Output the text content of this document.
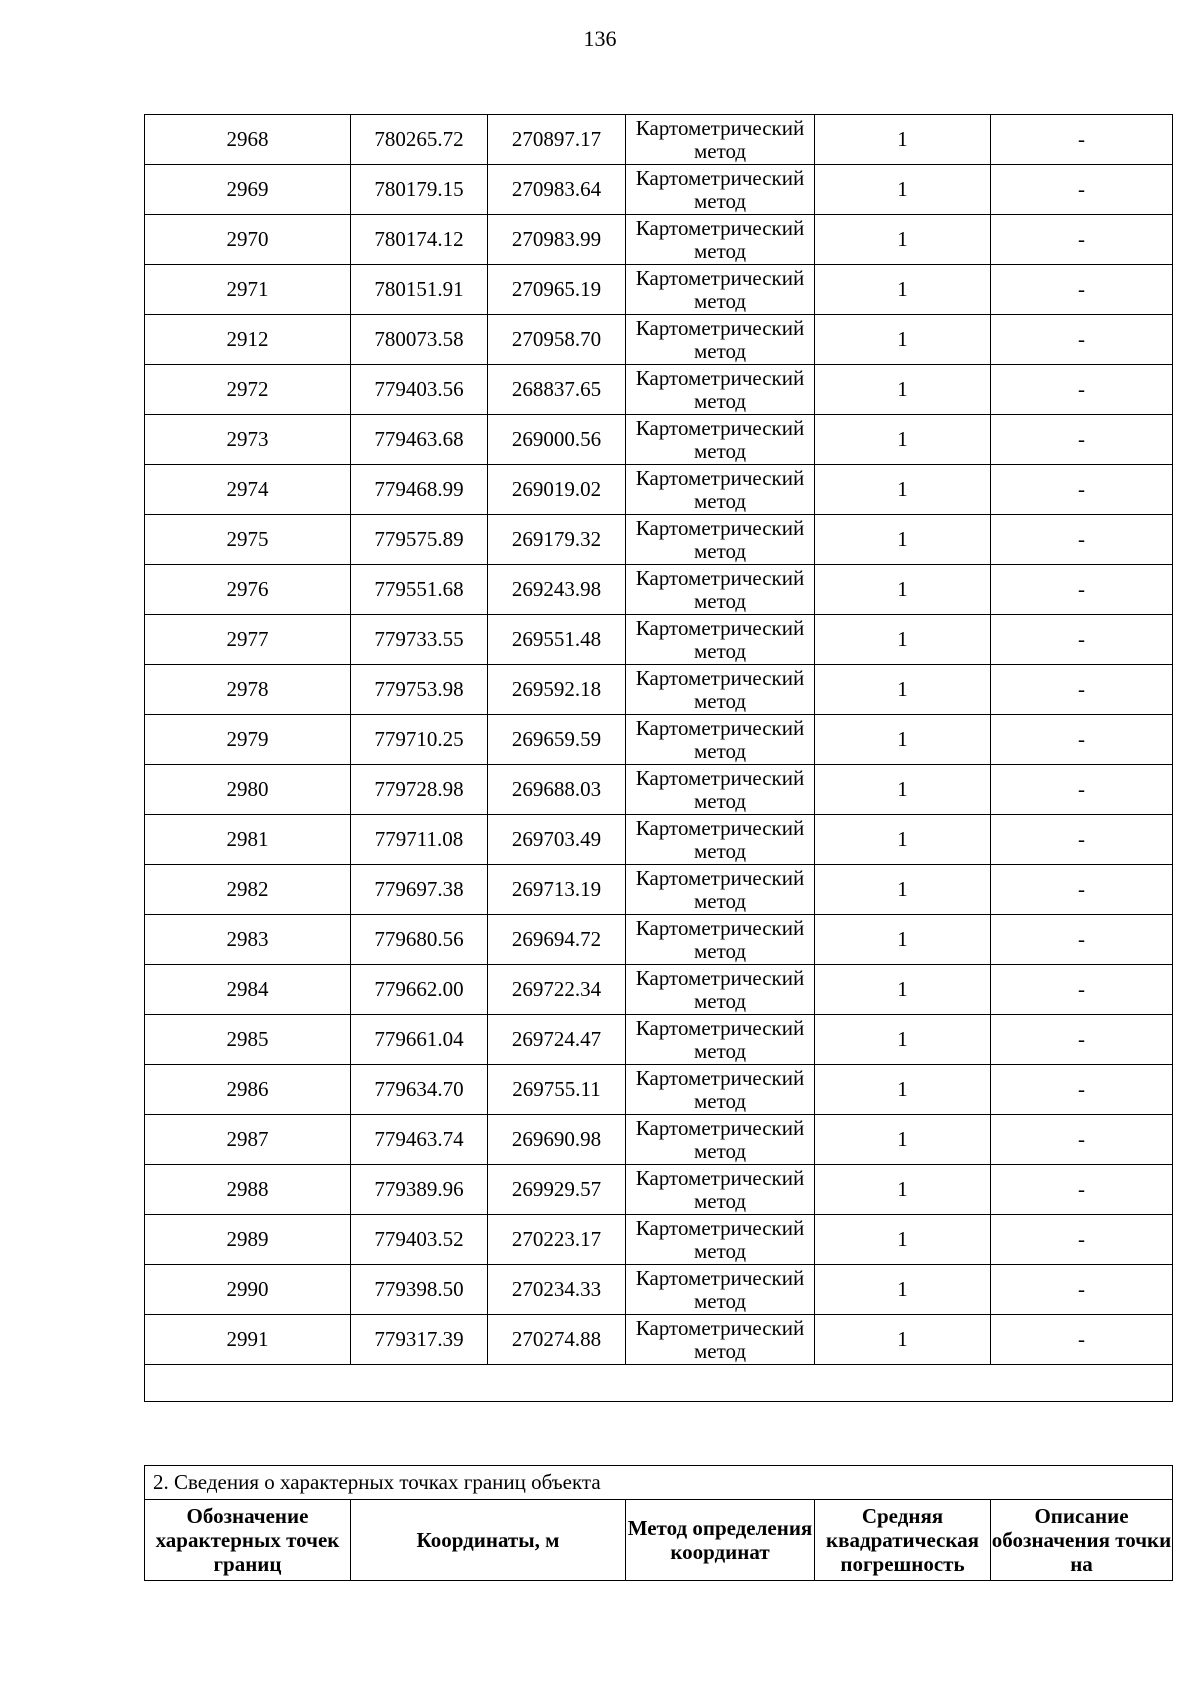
136
2968	780265.72	270897.17	Картометрический метод	1	-
2969	780179.15	270983.64	Картометрический метод	1	-
2970	780174.12	270983.99	Картометрический метод	1	-
2971	780151.91	270965.19	Картометрический метод	1	-
2912	780073.58	270958.70	Картометрический метод	1	-
2972	779403.56	268837.65	Картометрический метод	1	-
2973	779463.68	269000.56	Картометрический метод	1	-
2974	779468.99	269019.02	Картометрический метод	1	-
2975	779575.89	269179.32	Картометрический метод	1	-
2976	779551.68	269243.98	Картометрический метод	1	-
2977	779733.55	269551.48	Картометрический метод	1	-
2978	779753.98	269592.18	Картометрический метод	1	-
2979	779710.25	269659.59	Картометрический метод	1	-
2980	779728.98	269688.03	Картометрический метод	1	-
2981	779711.08	269703.49	Картометрический метод	1	-
2982	779697.38	269713.19	Картометрический метод	1	-
2983	779680.56	269694.72	Картометрический метод	1	-
2984	779662.00	269722.34	Картометрический метод	1	-
2985	779661.04	269724.47	Картометрический метод	1	-
2986	779634.70	269755.11	Картометрический метод	1	-
2987	779463.74	269690.98	Картометрический метод	1	-
2988	779389.96	269929.57	Картометрический метод	1	-
2989	779403.52	270223.17	Картометрический метод	1	-
2990	779398.50	270234.33	Картометрический метод	1	-
2991	779317.39	270274.88	Картометрический метод	1	-

2. Сведения о характерных точках границ объекта
Обозначение характерных точек границ	Координаты, м	Метод определения координат	Средняя квадратическая погрешность	Описание обозначения точки на
